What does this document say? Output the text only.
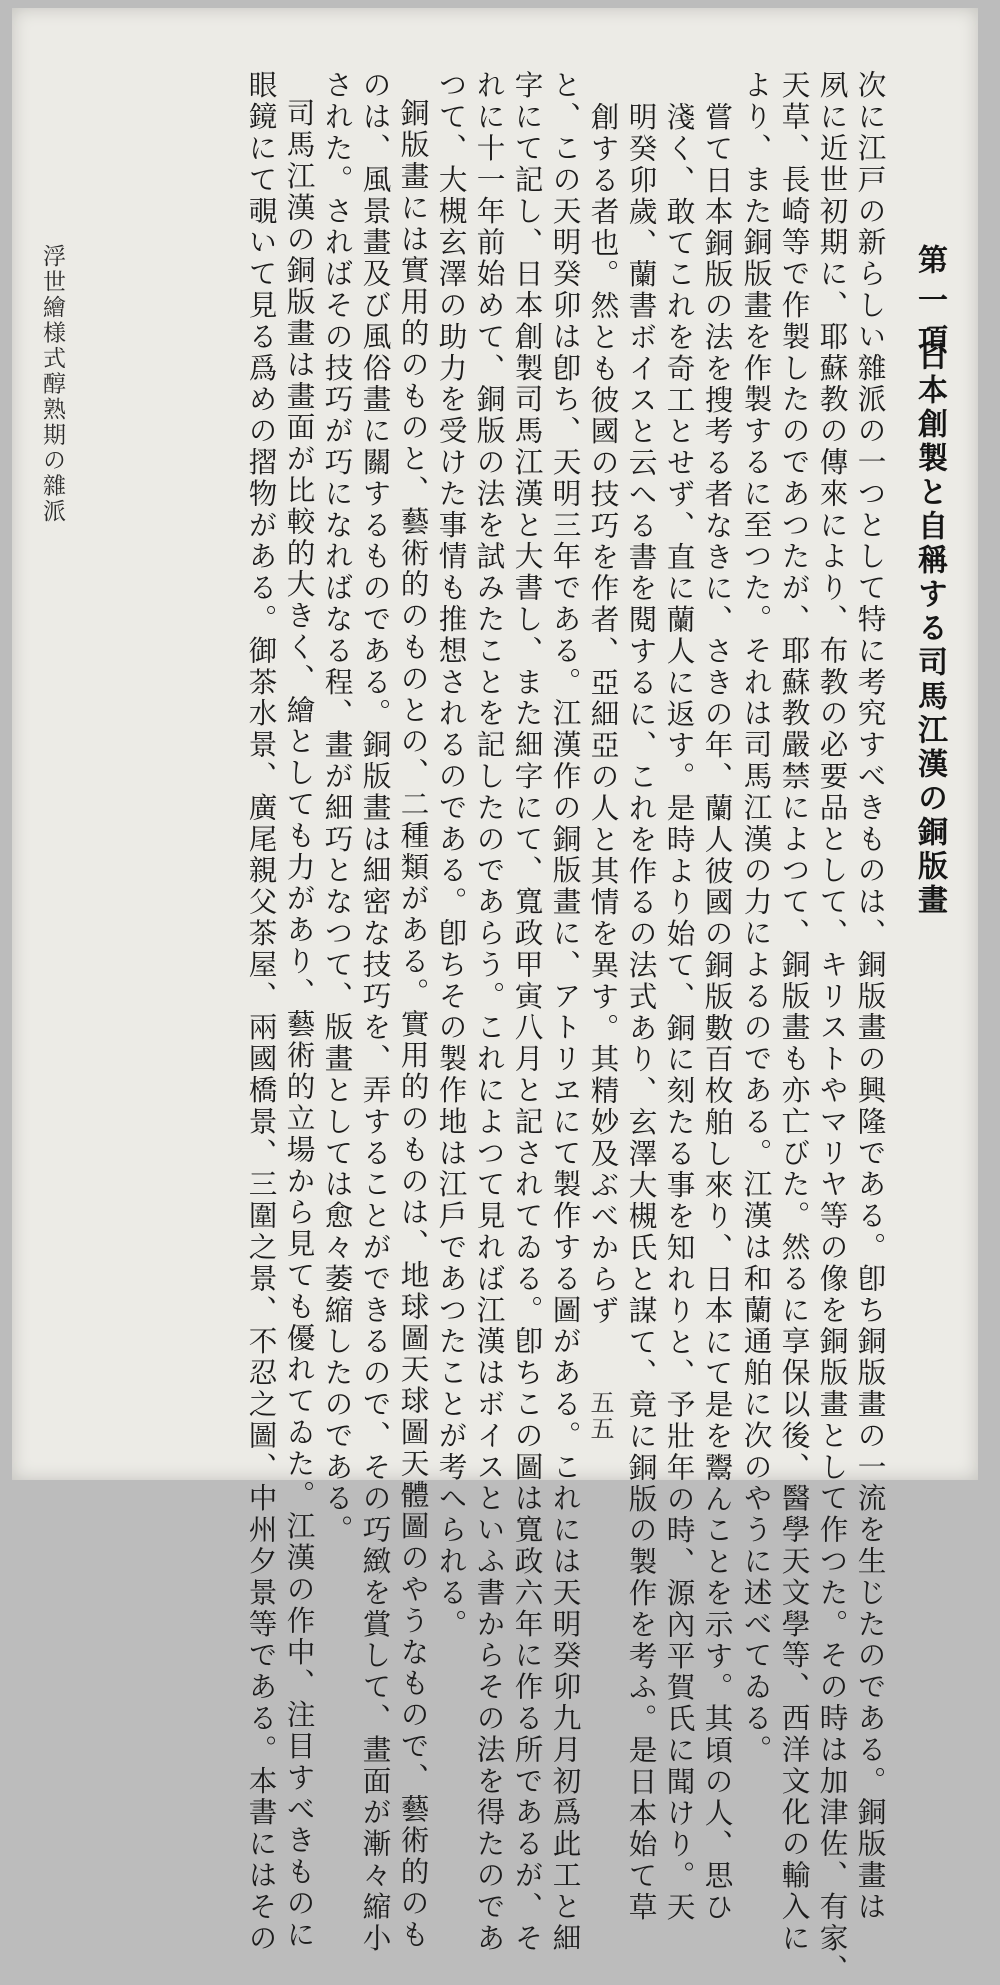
第一項
日本創製と自稱する司馬江漢の銅版畫
次に江戸の新らしい雜派の一つとして特に考究すべきものは、銅版畫の興隆である。卽ち銅版畫の一流を生じたのである。銅版畫は
夙に近世初期に、耶蘇教の傳來により、布教の必要品として、キリストやマリヤ等の像を銅版畫として作つた。その時は加津佐、有家、
天草、長崎等で作製したのであつたが、耶蘇教嚴禁によつて、銅版畫も亦亡びた。然るに享保以後、醫學天文學等、西洋文化の輸入に
より、また銅版畫を作製するに至つた。それは司馬江漢の力によるのである。江漢は和蘭通舶に次のやうに述べてゐる。
嘗て日本銅版の法を搜考る者なきに、さきの年、蘭人彼國の銅版數百枚舶し來り、日本にて是を鬻んことを示す。其頃の人、思ひ
淺く、敢てこれを奇工とせず、直に蘭人に返す。是時より始て、銅に刻たる事を知れりと、予壯年の時、源內平賀氏に聞けり。天
明癸卯歲、蘭書ボイスと云へる書を閱するに、これを作るの法式あり、玄澤大槻氏と謀て、竟に銅版の製作を考ふ。是日本始て草
創する者也。然とも彼國の技巧を作者、亞細亞の人と其情を異す。其精妙及ぶべからず
と、この天明癸卯は卽ち、天明三年である。江漢作の銅版畫に、アトリヱにて製作する圖がある。これには天明癸卯九月初爲此工と細
字にて記し、日本創製司馬江漢と大書し、また細字にて、寬政甲寅八月と記されてゐる。卽ちこの圖は寬政六年に作る所であるが、そ
れに十一年前始めて、銅版の法を試みたことを記したのであらう。これによつて見れば江漢はボイスといふ書からその法を得たのであ
つて、大槻玄澤の助力を受けた事情も推想されるのである。卽ちその製作地は江戶であつたことが考へられる。
銅版畫には實用的のものと、藝術的のものとの、二種類がある。實用的のものは、地球圖天球圖天體圖のやうなもので、藝術的のも
のは、風景畫及び風俗畫に關するものである。銅版畫は細密な技巧を、弄することができるので、その巧緻を賞して、畫面が漸々縮小
された。さればその技巧が巧になればなる程、畫が細巧となつて、版畫としては愈々萎縮したのである。
司馬江漢の銅版畫は畫面が比較的大きく、繪としても力があり、藝術的立場から見ても優れてゐた。江漢の作中、注目すべきものに
眼鏡にて覗いて見る爲めの摺物がある。御茶水景、廣尾親父茶屋、兩國橋景、三圍之景、不忍之圖、中州夕景等である。本書にはその
浮世繪様式醇熟期の雜派
五五
